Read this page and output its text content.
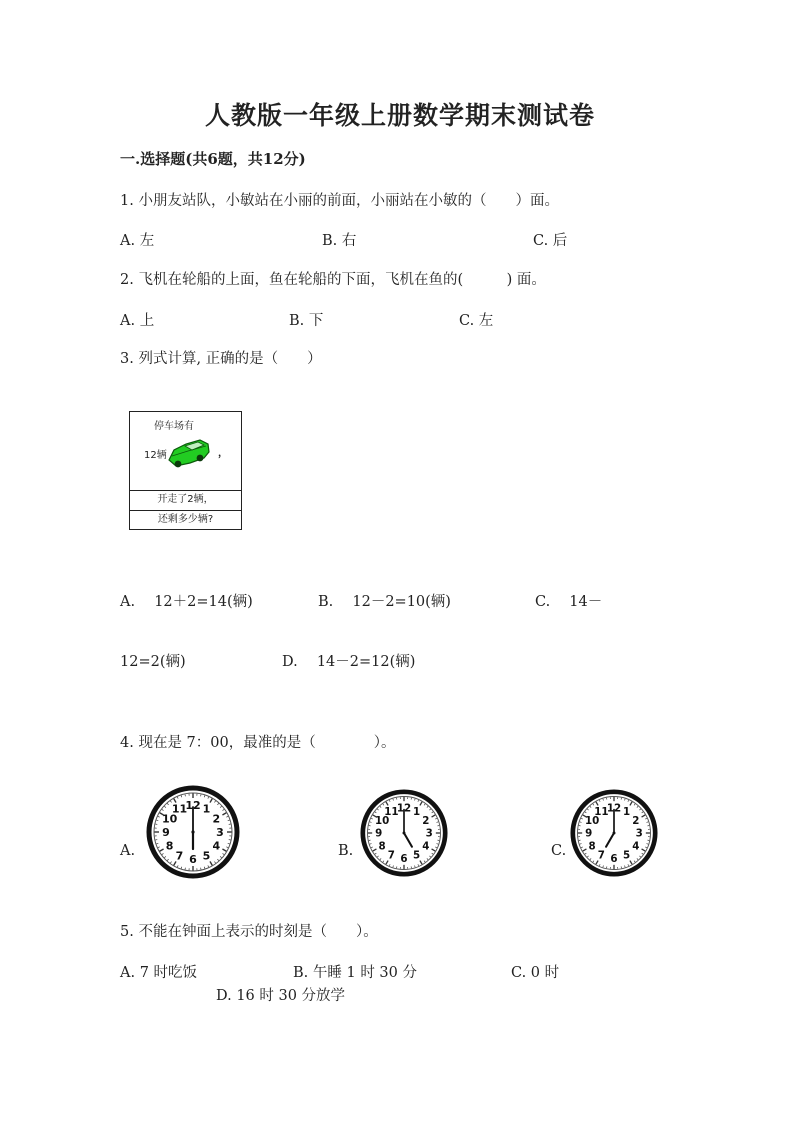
人教版一年级上册数学期末测试卷
一.选择题(共6题，共12分)
1. 小朋友站队，小敏站在小丽的前面，小丽站在小敏的（　　）面。
A. 左	B. 右	C. 后
2. 飞机在轮船的上面，鱼在轮船的下面，飞机在鱼的(　　　) 面。
A. 上	B. 下	C. 左
3. 列式计算, 正确的是（　　）
停车场有
12辆	，
开走了2辆，
还剩多少辆?
A.　 12＋2=14(辆)	B.　 12－2=10(辆)	C.　 14－
12=2(辆)	D.　 14－2=12(辆)
4. 现在是 7：00，最准的是（　　　　）。
A.
12 1
2
3
4
5
6
7
8
9
10
11
B.
12 1
2
3
4
5
6
7
8
9
10
11
C.
12 1
2
3
4
5
6
7
8
9
10
11
5. 不能在钟面上表示的时刻是（　　）。
A. 7 时吃饭	B. 午睡 1 时 30 分	C. 0 时
D. 16 时 30 分放学
